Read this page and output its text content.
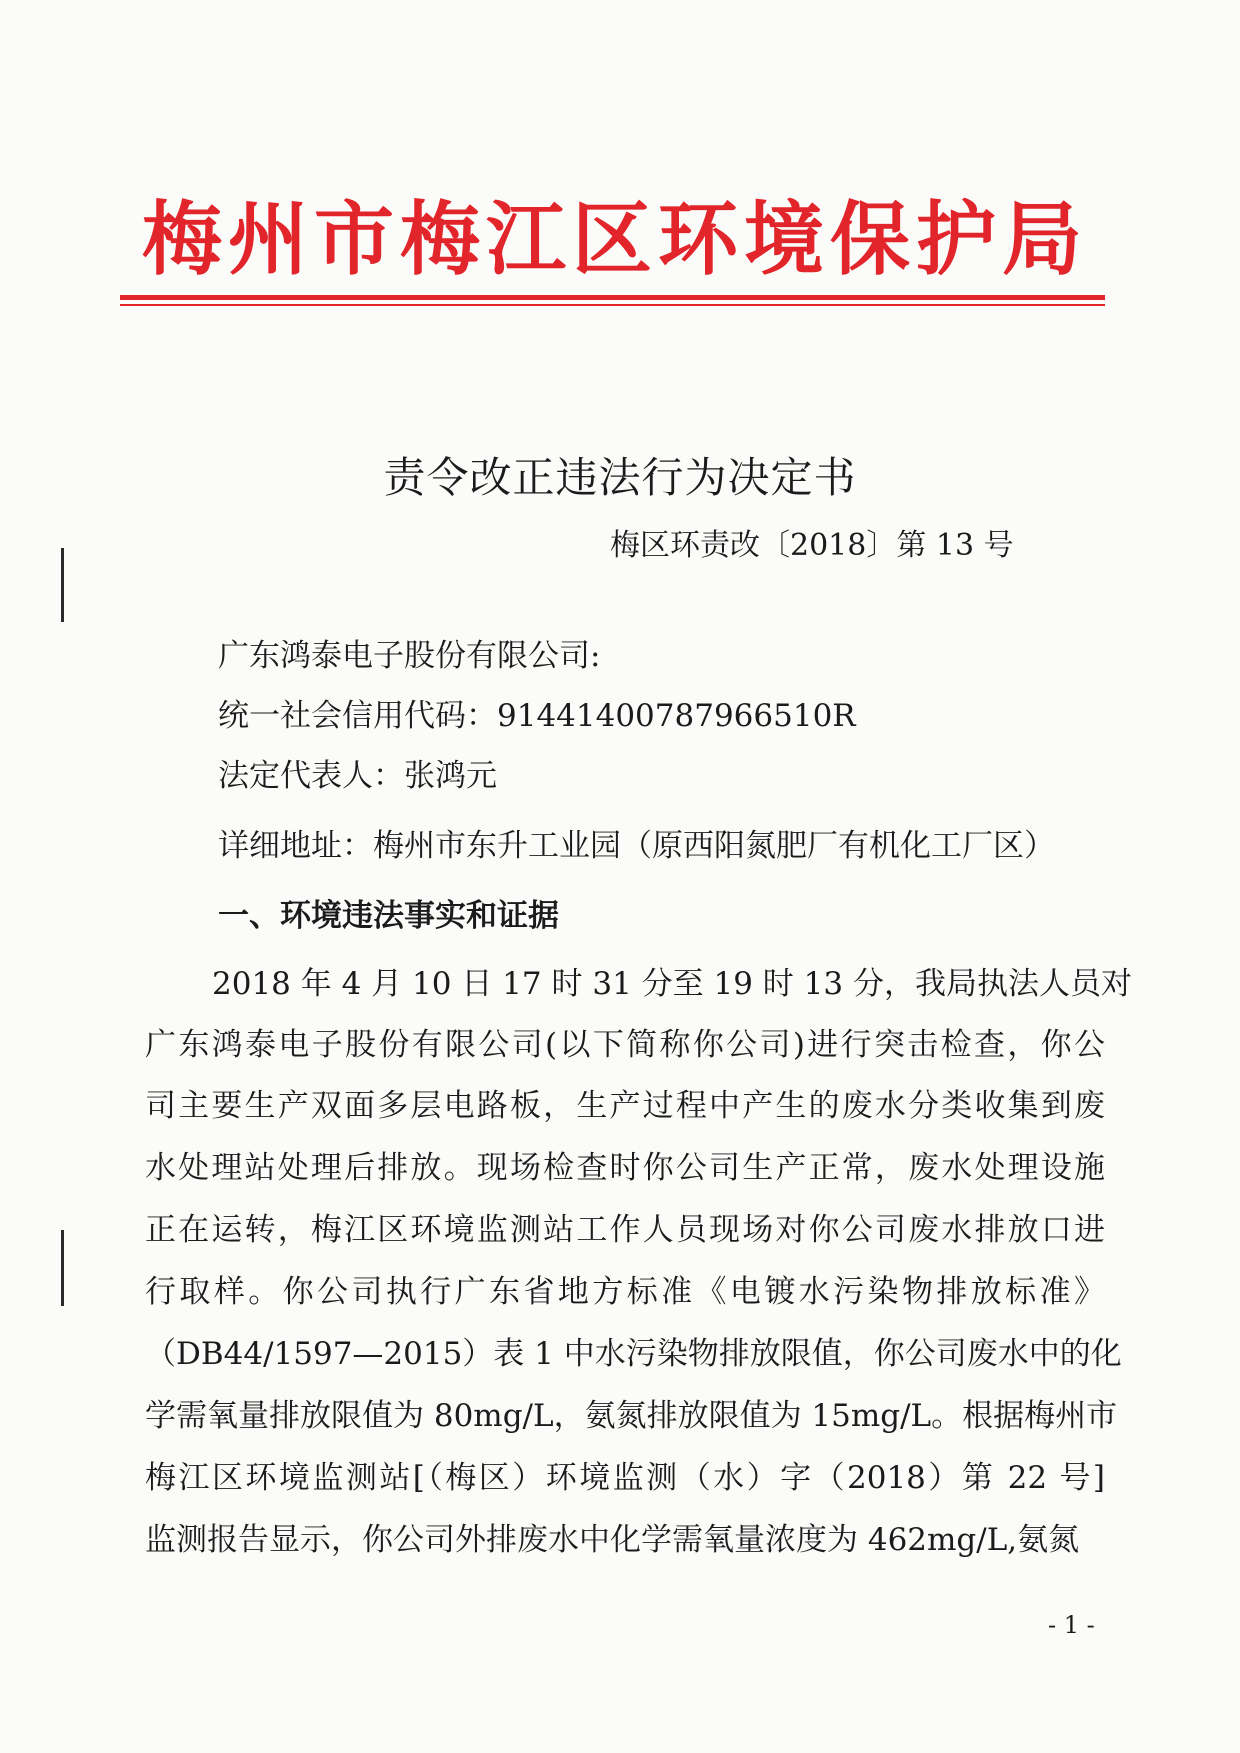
梅州市梅江区环境保护局
责令改正违法行为决定书
梅区环责改〔2018〕第 13 号
广东鸿泰电子股份有限公司:
统一社会信用代码：91441400787966510R
法定代表人：张鸿元
详细地址：梅州市东升工业园（原西阳氮肥厂有机化工厂区）
一、环境违法事实和证据
2018 年 4 月 10 日 17 时 31 分至 19 时 13 分，我局执法人员对
广东鸿泰电子股份有限公司(以下简称你公司)进行突击检查，你公
司主要生产双面多层电路板，生产过程中产生的废水分类收集到废
水处理站处理后排放。现场检查时你公司生产正常，废水处理设施
正在运转，梅江区环境监测站工作人员现场对你公司废水排放口进
行取样。你公司执行广东省地方标准《电镀水污染物排放标准》
（DB44/1597—2015）表 1 中水污染物排放限值，你公司废水中的化
学需氧量排放限值为 80mg/L，氨氮排放限值为 15mg/L。根据梅州市
梅江区环境监测站[（梅区）环境监测（水）字（2018）第 22 号]
监测报告显示，你公司外排废水中化学需氧量浓度为 462mg/L,氨氮
- 1 -
